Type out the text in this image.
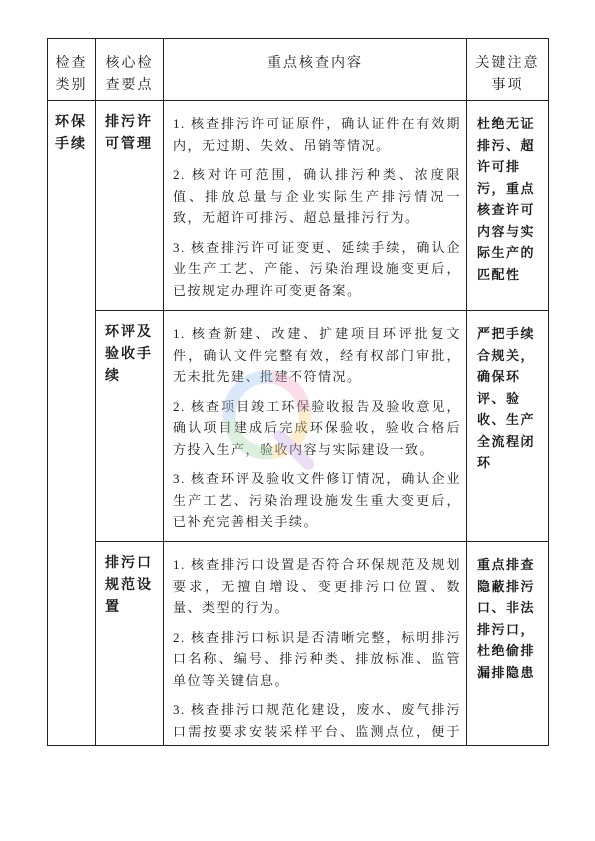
检查类别
核心检查要点
重点核查内容	关键注意事项
环保手续
排污许可管理
1. 核查排污许可证原件，确认证件在有效期
内，无过期、失效、吊销等情况。
2. 核对许可范围，确认排污种类、浓度限
值、排放总量与企业实际生产排污情况一
致，无超许可排污、超总量排污行为。
3. 核查排污许可证变更、延续手续，确认企
业生产工艺、产能、污染治理设施变更后，
已按规定办理许可变更备案。
杜绝无证排污、超许可排污，重点核查许可内容与实际生产的匹配性
环评及验收手续
1. 核查新建、改建、扩建项目环评批复文
件，确认文件完整有效，经有权部门审批，
无未批先建、批建不符情况。
2. 核查项目竣工环保验收报告及验收意见，
确认项目建成后完成环保验收，验收合格后
方投入生产，验收内容与实际建设一致。
3. 核查环评及验收文件修订情况，确认企业
生产工艺、污染治理设施发生重大变更后，
已补充完善相关手续。
严把手续合规关，确保环评、验收、生产全流程闭环
排污口规范设置
1. 核查排污口设置是否符合环保规范及规划
要求，无擅自增设、变更排污口位置、数
量、类型的行为。
2. 核查排污口标识是否清晰完整，标明排污
口名称、编号、排污种类、排放标准、监管
单位等关键信息。
3. 核查排污口规范化建设，废水、废气排污
口需按要求安装采样平台、监测点位，便于
重点排查隐蔽排污口、非法排污口，杜绝偷排漏排隐患
